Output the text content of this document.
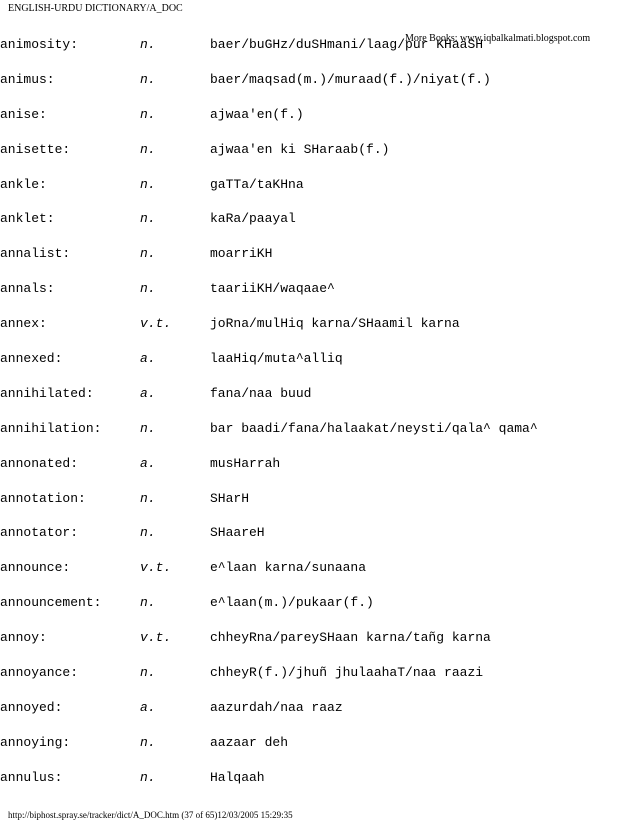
ENGLISH-URDU DICTIONARY/A_DOC
More Books: www.iqbalkalmati.blogspot.com
animosity:	n.	baer/buGHz/duSHmani/laag/pur KHaaSH
animus:	n.	baer/maqsad(m.)/muraad(f.)/niyat(f.)
anise:	n.	ajwaa'en(f.)
anisette:	n.	ajwaa'en ki SHaraab(f.)
ankle:	n.	gaTTa/taKHna
anklet:	n.	kaRa/paayal
annalist:	n.	moarriKH
annals:	n.	taariiKH/waqaae^
annex:	v.t.	joRna/mulHiq karna/SHaamil karna
annexed:	a.	laaHiq/muta^alliq
annihilated:	a.	fana/naa buud
annihilation:	n.	bar baadi/fana/halaakat/neysti/qala^ qama^
annonated:	a.	musHarrah
annotation:	n.	SHarH
annotator:	n.	SHaareH
announce:	v.t.	e^laan karna/sunaana
announcement:	n.	e^laan(m.)/pukaar(f.)
annoy:	v.t.	chheyRna/pareySHaan karna/tañg karna
annoyance:	n.	chheyR(f.)/jhuñ jhulaahaT/naa raazi
annoyed:	a.	aazurdah/naa raaz
annoying:	n.	aazaar deh
annulus:	n.	Halqaah
http://biphost.spray.se/tracker/dict/A_DOC.htm (37 of 65)12/03/2005 15:29:35
